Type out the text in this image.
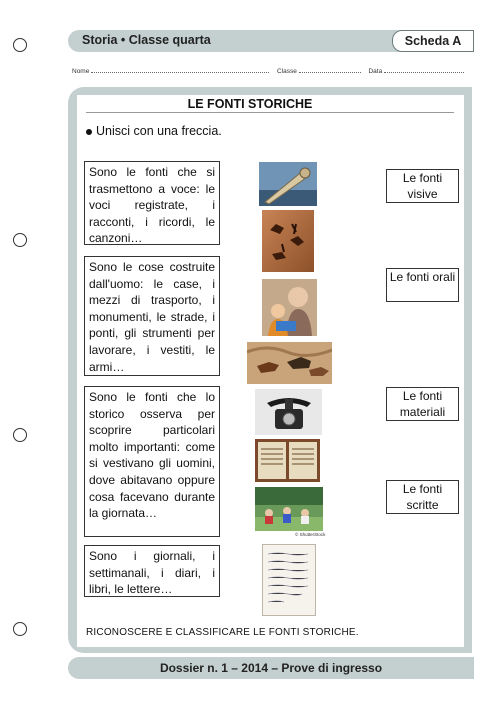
Storia • Classe quarta	Scheda A
Nome	Classe	Data
LE FONTI STORICHE
Unisci con una freccia.
Sono le fonti che si trasmettono a voce: le voci registrate, i racconti, i ricordi, le canzoni…
Sono le cose costruite dall'uomo: le case, i mezzi di trasporto, i monumenti, le strade, i ponti, gli strumenti per lavorare, i vestiti, le armi…
Sono le fonti che lo storico osserva per scoprire particolari molto importanti: come si vestivano gli uomini, dove abitavano oppure cosa facevano durante la giornata…
Sono i giornali, i settimanali, i diari, i libri, le lettere…
Le fonti visive
Le fonti orali
Le fonti materiali
Le fonti scritte
© ShutterStock
RICONOSCERE E CLASSIFICARE LE FONTI STORICHE.
Dossier n. 1 – 2014 – Prove di ingresso
